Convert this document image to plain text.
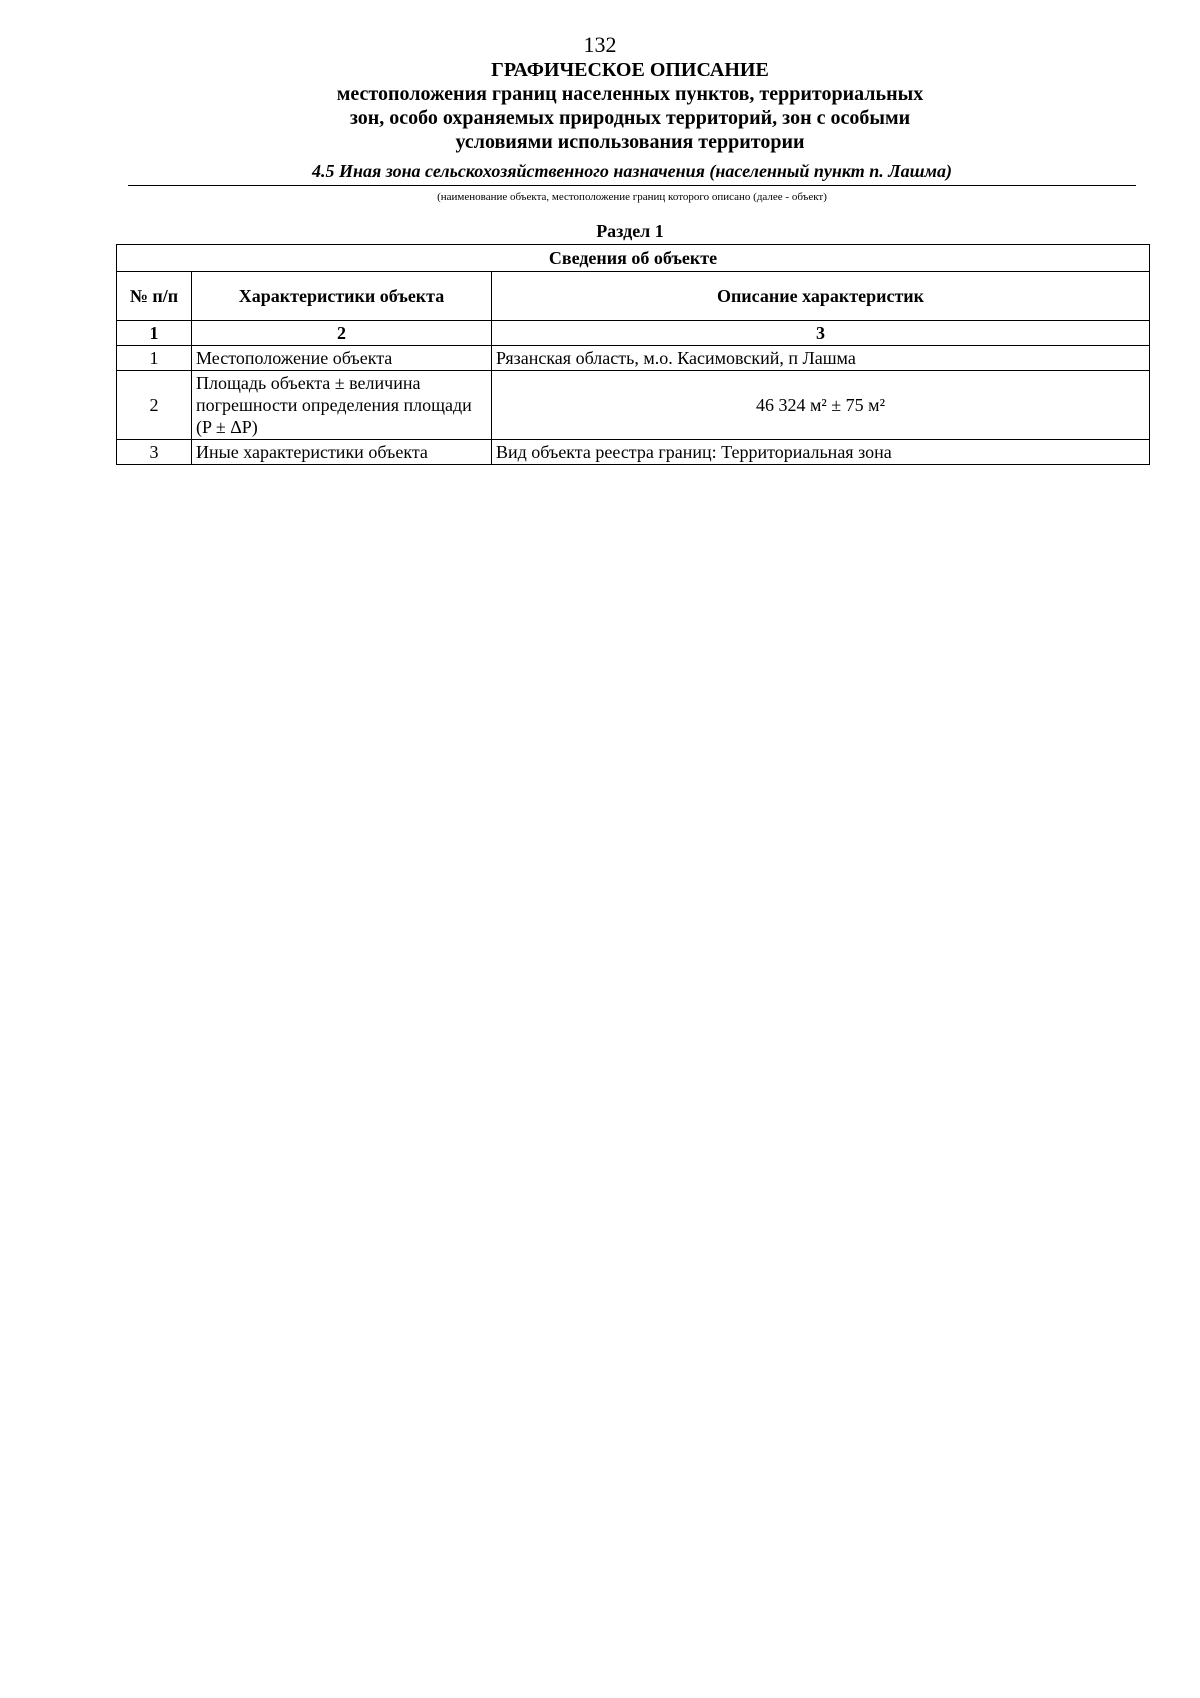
132
ГРАФИЧЕСКОЕ ОПИСАНИЕ
местоположения границ населенных пунктов, территориальных
зон, особо охраняемых природных территорий, зон с особыми
условиями использования территории
4.5 Иная зона сельскохозяйственного назначения (населенный пункт п. Лашма)
(наименование объекта, местоположение границ которого описано (далее - объект)
Раздел 1
Сведения об объекте		
№ п/п	Характеристики объекта	Описание характеристик
1	2	3
1	Местоположение объекта	Рязанская область, м.о. Касимовский, п Лашма
2	Площадь объекта ± величина погрешности определения площади (P ± ΔP)	46 324 м² ± 75 м²
3	Иные характеристики объекта	Вид объекта реестра границ: Территориальная зона
